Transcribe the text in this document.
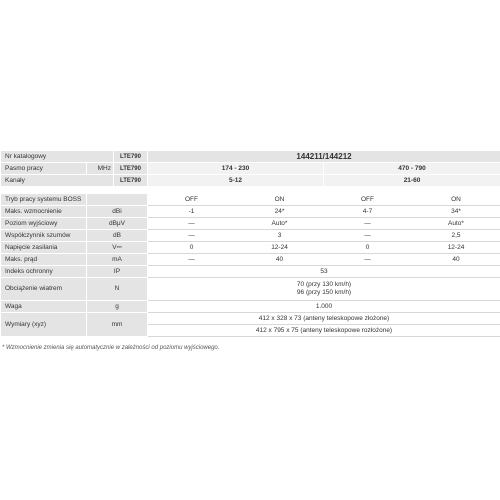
Nr katalogowy		LTE790	144211/144212	
Pasmo pracy	MHz	LTE790	174 - 230	470 - 790
Kanały		LTE790	5-12	21-60
Tryb pracy systemu BOSS		OFF	ON	OFF	ON
Maks. wzmocnienie	dBi	-1	24*	4-7	34*
Poziom wyjściowy	dBμV	—	Auto*	—	Auto*
Współczynnik szumów	dB	—	3	—	2,5
Napięcie zasilania	V⎓	0	12-24	0	12-24
Maks. prąd	mA	—	40	—	40
Indeks ochronny	IP	53			
Obciążenie wiatrem	N	70 (przy 130 km/h)
96 (przy 150 km/h)			

Waga	g	1.000			
Wymiary (xyz)	mm	412 x 328 x 73 (anteny teleskopowe złożone)			
		412 x 795 x 75 (anteny teleskopowe rozłożone)			
* Wzmocnienie zmienia się automatycznie w zależności od poziomu wyjściowego.
